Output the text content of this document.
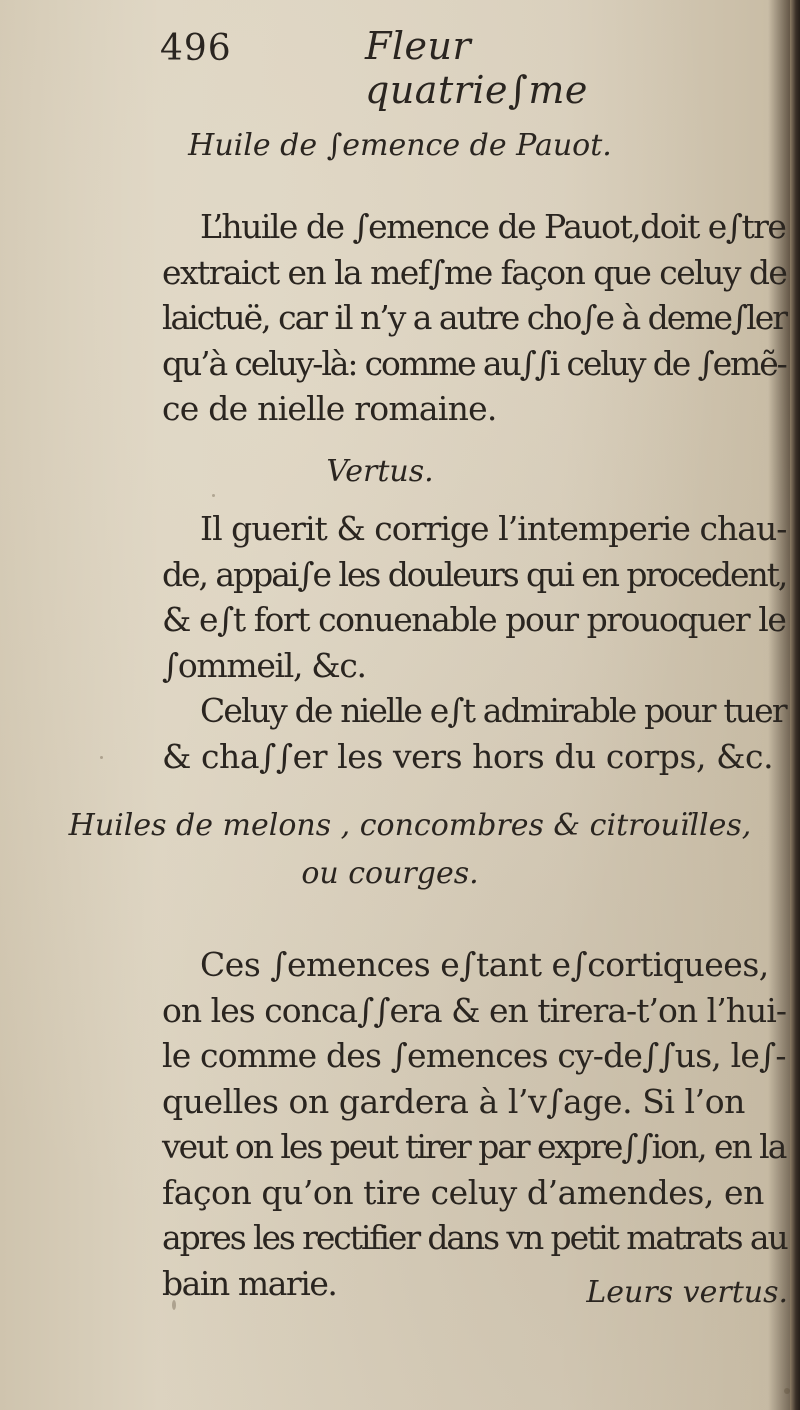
496	Fleur quatrie∫me
Huile de ∫emence de Pauot.
L’huile de ∫emence de Pauot,doit e∫tre
extraict en la mef∫me façon que celuy de
laictuë, car il n’y a autre cho∫e à deme∫ler
qu’à celuy-là: comme au∫∫i celuy de ∫emẽ-
ce de nielle romaine.
Vertus.
Il guerit & corrige l’intemperie chau-
de, appai∫e les douleurs qui en procedent,
& e∫t fort conuenable pour prouoquer le
∫ommeil, &c.
Celuy de nielle e∫t admirable pour tuer
& cha∫∫er les vers hors du corps, &c.
Huiles de melons , concombres & citrouïlles,
ou courges.
Ces ∫emences e∫tant e∫cortiquees,
on les conca∫∫era & en tirera-t’on l’hui-
le comme des ∫emences cy-de∫∫us, le∫-
quelles on gardera à l’v∫age. Si l’on
veut on les peut tirer par expre∫∫ion, en la
façon qu’on tire celuy d’amendes, en
apres les rectifier dans vn petit matrats au
bain marie.	Leurs vertus.
